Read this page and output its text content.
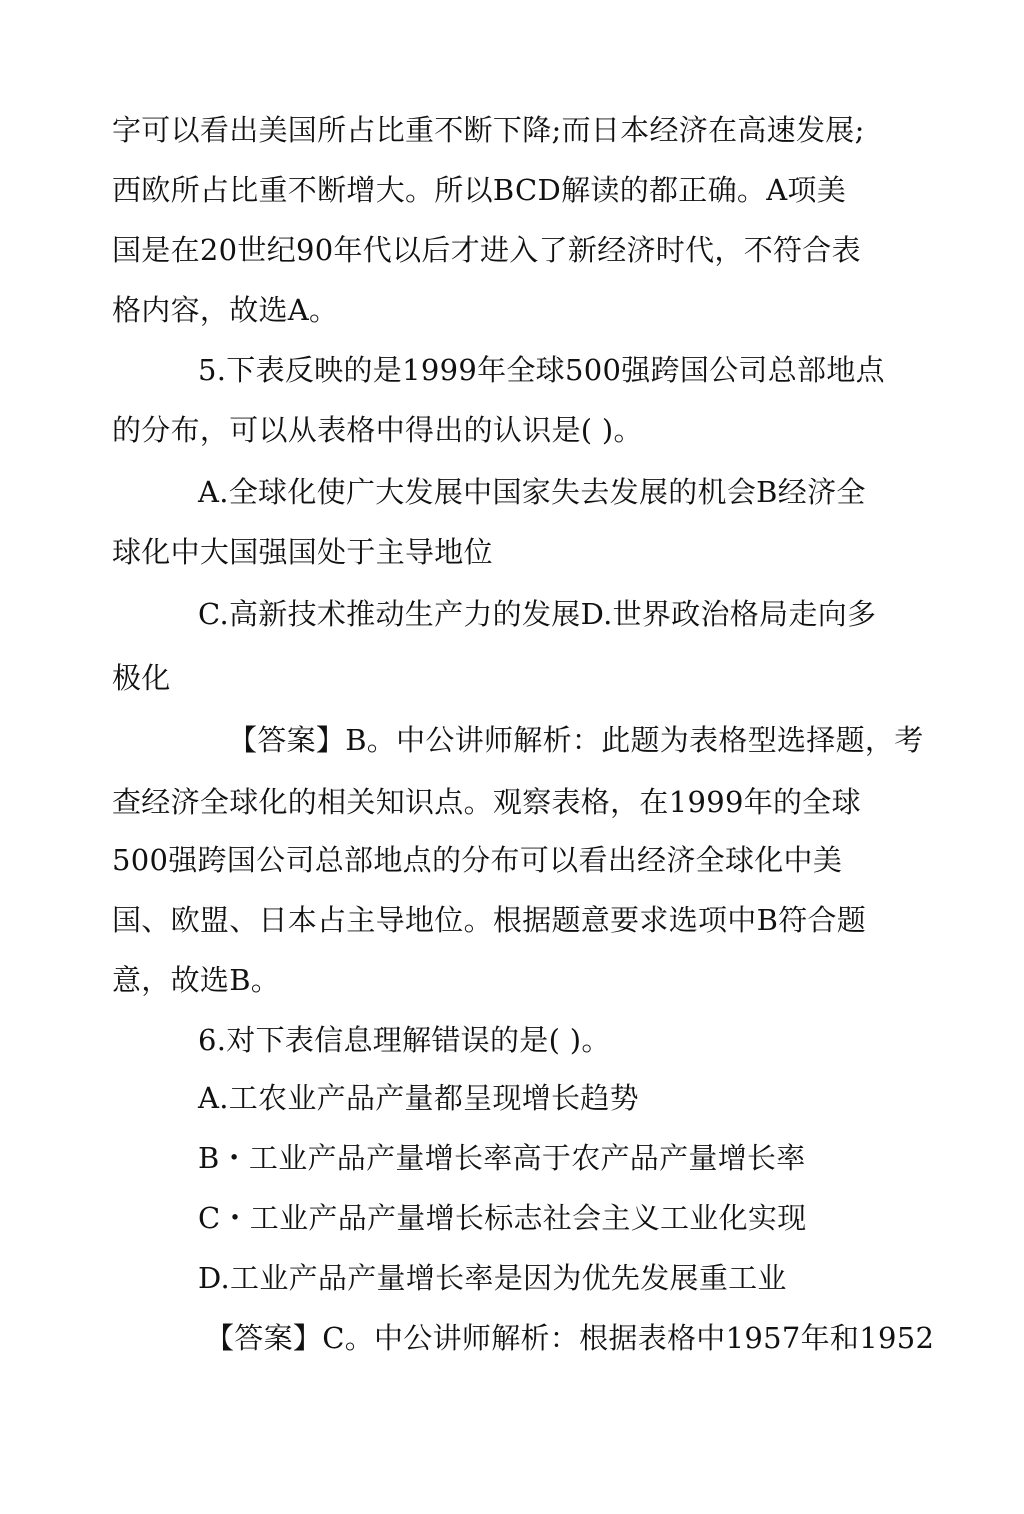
字可以看出美国所占比重不断下降;而日本经济在高速发展;
西欧所占比重不断增大。所以BCD解读的都正确。A项美
国是在20世纪90年代以后才进入了新经济时代，不符合表
格内容，故选A。
5.下表反映的是1999年全球500强跨国公司总部地点
的分布，可以从表格中得出的认识是( )。
A.全球化使广大发展中国家失去发展的机会B经济全
球化中大国强国处于主导地位
C.高新技术推动生产力的发展D.世界政治格局走向多
极化
【答案】B。中公讲师解析：此题为表格型选择题，考
查经济全球化的相关知识点。观察表格，在1999年的全球
500强跨国公司总部地点的分布可以看出经济全球化中美
国、欧盟、日本占主导地位。根据题意要求选项中B符合题
意，故选B。
6.对下表信息理解错误的是( )。
A.工农业产品产量都呈现增长趋势
B・工业产品产量增长率高于农产品产量增长率
C・工业产品产量增长标志社会主义工业化实现
D.工业产品产量增长率是因为优先发展重工业
【答案】C。中公讲师解析：根据表格中1957年和1952
